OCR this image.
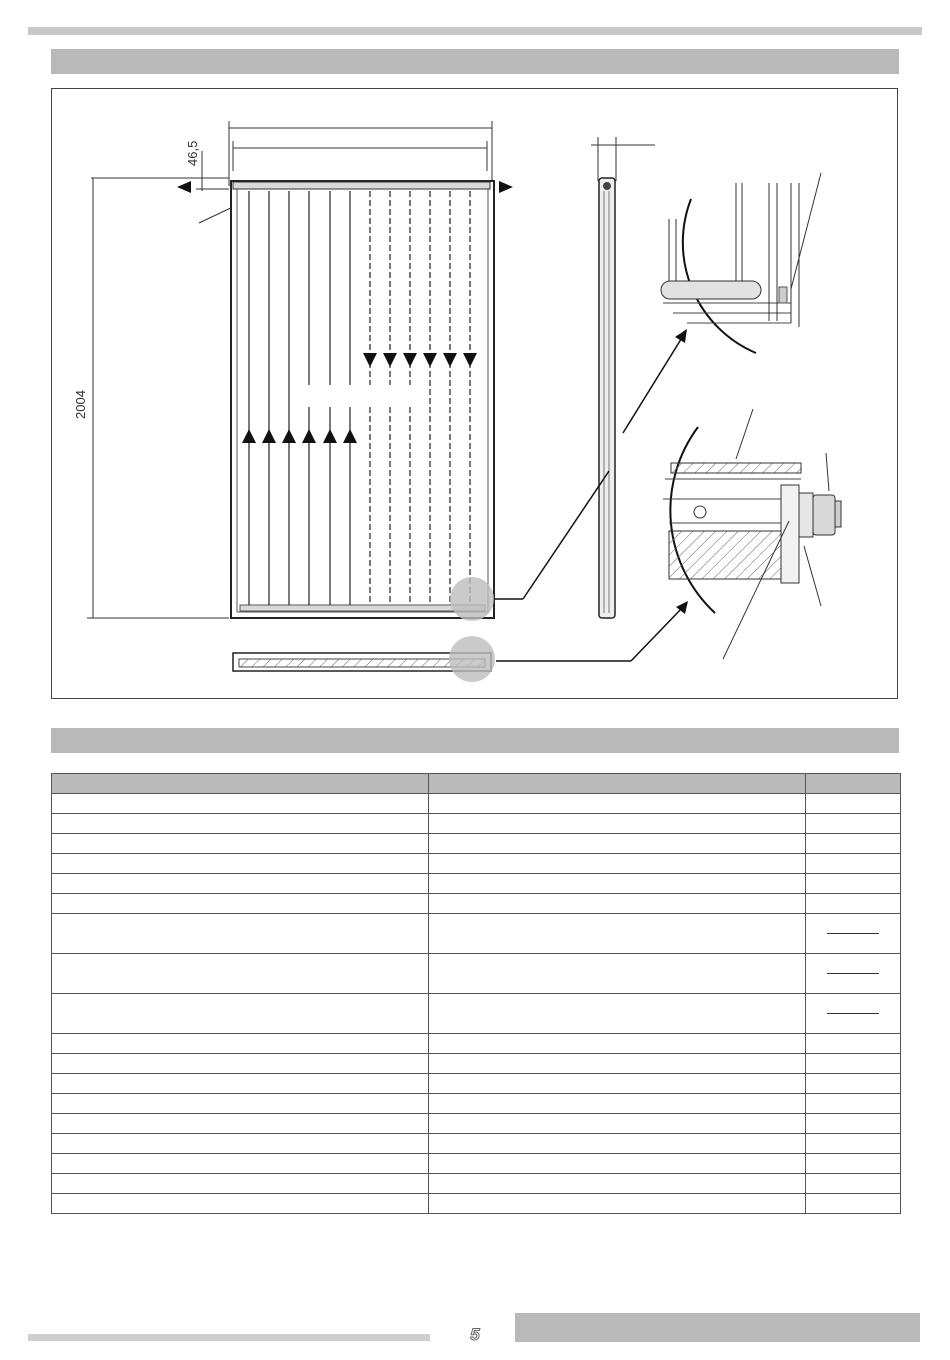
46,5
2004

5
